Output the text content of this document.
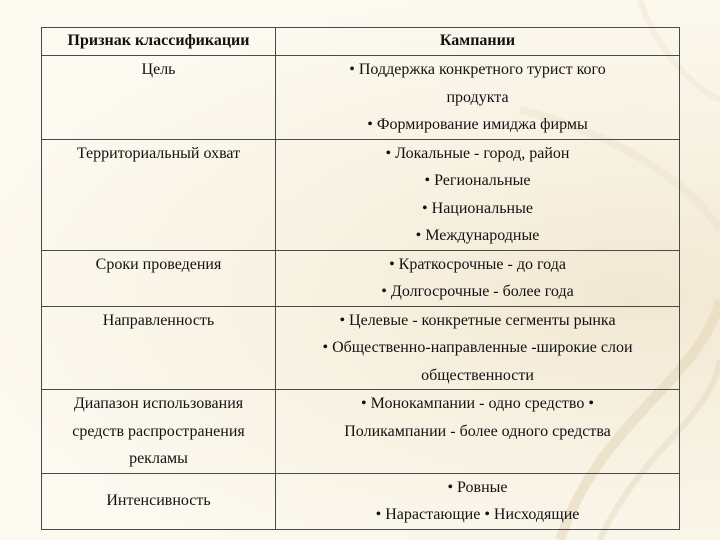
Признак классификации	Кампании

Цель	• Поддержка конкретного турист кого
продукта
• Формирование имиджа фирмы

Территориальный охват	• Локальные - город, район
• Региональные
• Национальные
• Международные

Сроки проведения	• Краткосрочные - до года
• Долгосрочные - более года

Направленность	• Целевые - конкретные сегменты рынка
• Общественно-направленные -широкие слои
общественности

Диапазон использования
средств распространения
рекламы	• Монокампании - одно средство •
Поликампании - более одного средства

Интенсивность	• Ровные
• Нарастающие • Нисходящие
